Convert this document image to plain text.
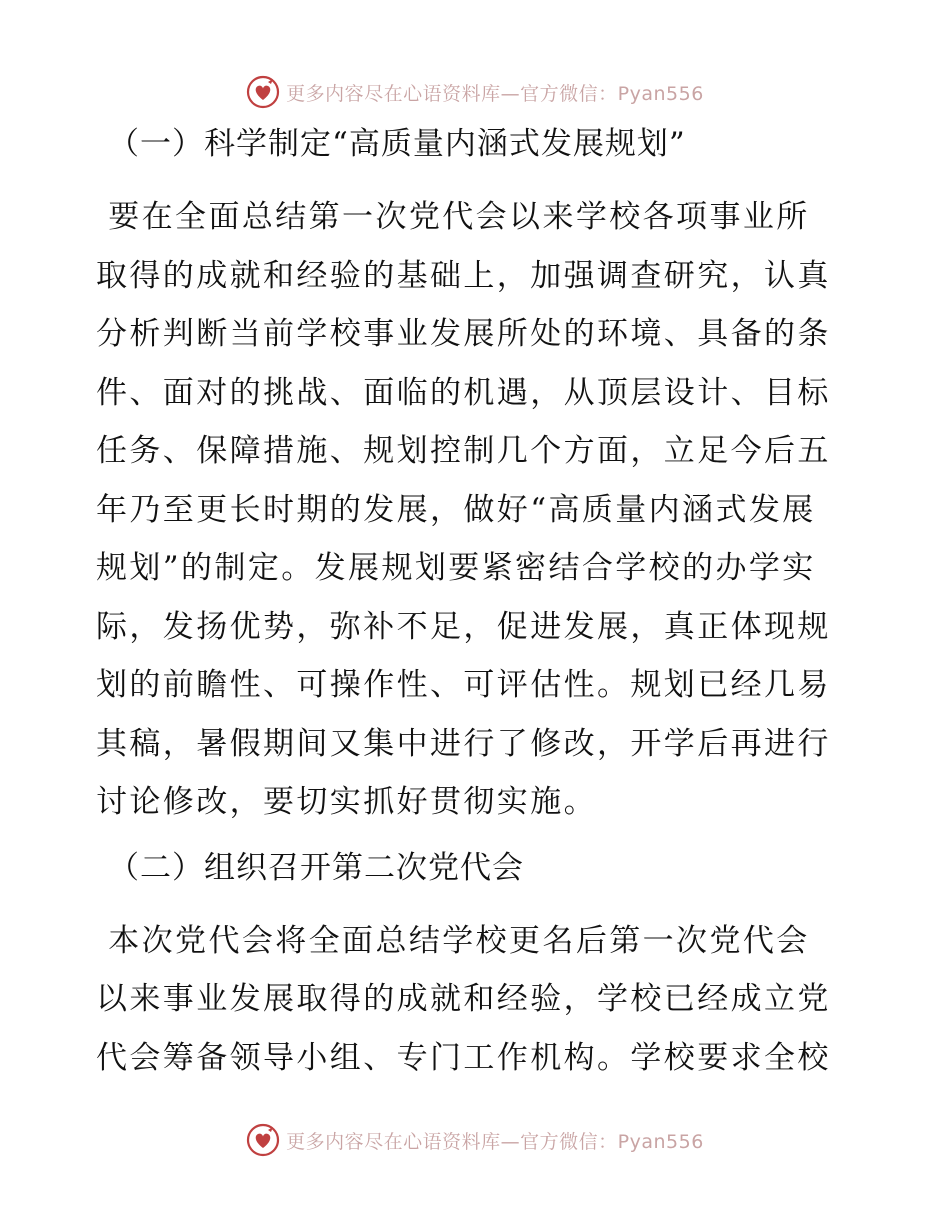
更多内容尽在心语资料库—官方微信：Pyan556

（一）科学制定“高质量内涵式发展规划”

要在全面总结第一次党代会以来学校各项事业所
取得的成就和经验的基础上，加强调查研究，认真
分析判断当前学校事业发展所处的环境、具备的条
件、面对的挑战、面临的机遇，从顶层设计、目标
任务、保障措施、规划控制几个方面，立足今后五
年乃至更长时期的发展，做好“高质量内涵式发展
规划”的制定。发展规划要紧密结合学校的办学实
际，发扬优势，弥补不足，促进发展，真正体现规
划的前瞻性、可操作性、可评估性。规划已经几易
其稿，暑假期间又集中进行了修改，开学后再进行
讨论修改，要切实抓好贯彻实施。

（二）组织召开第二次党代会

本次党代会将全面总结学校更名后第一次党代会
以来事业发展取得的成就和经验，学校已经成立党
代会筹备领导小组、专门工作机构。学校要求全校
更多内容尽在心语资料库—官方微信：Pyan556
